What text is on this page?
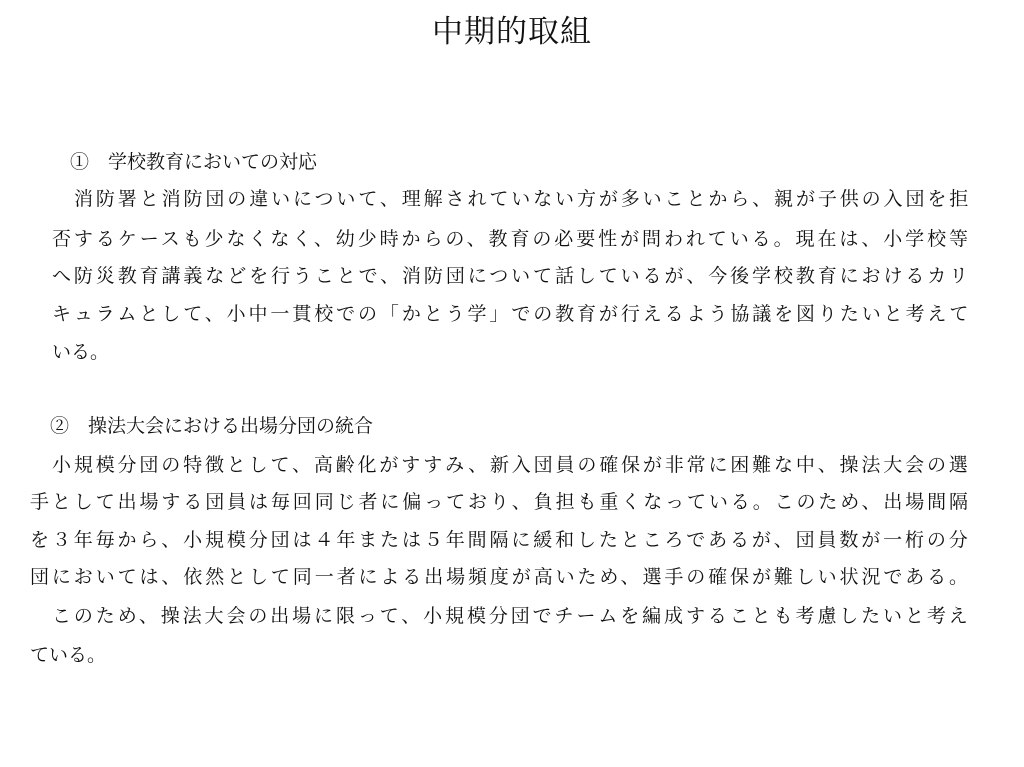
中期的取組
①　学校教育においての対応
消防署と消防団の違いについて、理解されていない方が多いことから、親が子供の入団を拒
否するケースも少なくなく、幼少時からの、教育の必要性が問われている。現在は、小学校等
へ防災教育講義などを行うことで、消防団について話しているが、今後学校教育におけるカリ
キュラムとして、小中一貫校での「かとう学」での教育が行えるよう協議を図りたいと考えて
いる。
②　操法大会における出場分団の統合
小規模分団の特徴として、高齢化がすすみ、新入団員の確保が非常に困難な中、操法大会の選
手として出場する団員は毎回同じ者に偏っており、負担も重くなっている。このため、出場間隔
を３年毎から、小規模分団は４年または５年間隔に緩和したところであるが、団員数が一桁の分
団においては、依然として同一者による出場頻度が高いため、選手の確保が難しい状況である。
このため、操法大会の出場に限って、小規模分団でチームを編成することも考慮したいと考え
ている。
